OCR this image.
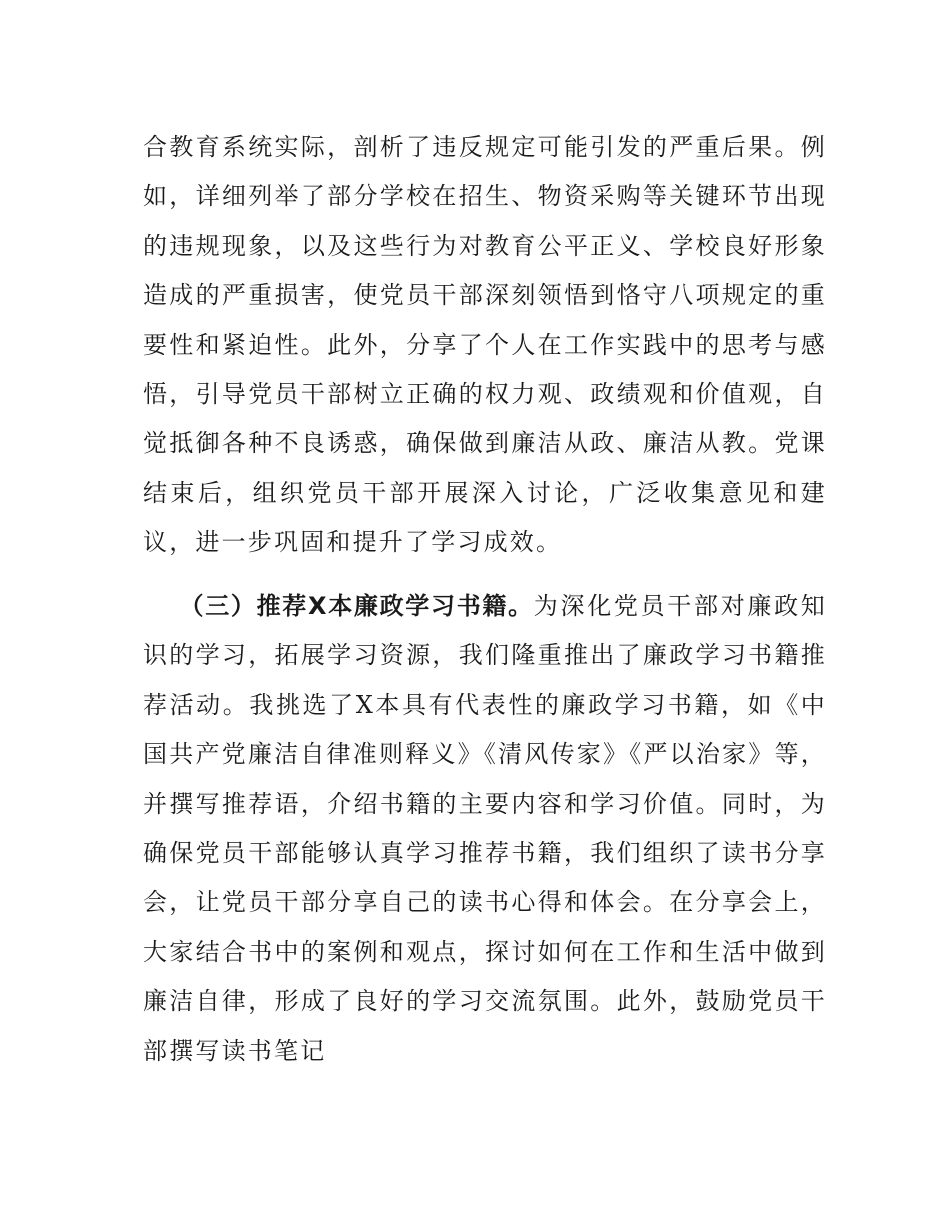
合教育系统实际，剖析了违反规定可能引发的严重后果。例如，详细列举了部分学校在招生、物资采购等关键环节出现的违规现象，以及这些行为对教育公平正义、学校良好形象造成的严重损害，使党员干部深刻领悟到恪守八项规定的重要性和紧迫性。此外，分享了个人在工作实践中的思考与感悟，引导党员干部树立正确的权力观、政绩观和价值观，自觉抵御各种不良诱惑，确保做到廉洁从政、廉洁从教。党课结束后，组织党员干部开展深入讨论，广泛收集意见和建议，进一步巩固和提升了学习成效。

（三）推荐X本廉政学习书籍。为深化党员干部对廉政知识的学习，拓展学习资源，我们隆重推出了廉政学习书籍推荐活动。我挑选了X本具有代表性的廉政学习书籍，如《中国共产党廉洁自律准则释义》《清风传家》《严以治家》等，并撰写推荐语，介绍书籍的主要内容和学习价值。同时，为确保党员干部能够认真学习推荐书籍，我们组织了读书分享会，让党员干部分享自己的读书心得和体会。在分享会上，大家结合书中的案例和观点，探讨如何在工作和生活中做到廉洁自律，形成了良好的学习交流氛围。此外，鼓励党员干部撰写读书笔记
